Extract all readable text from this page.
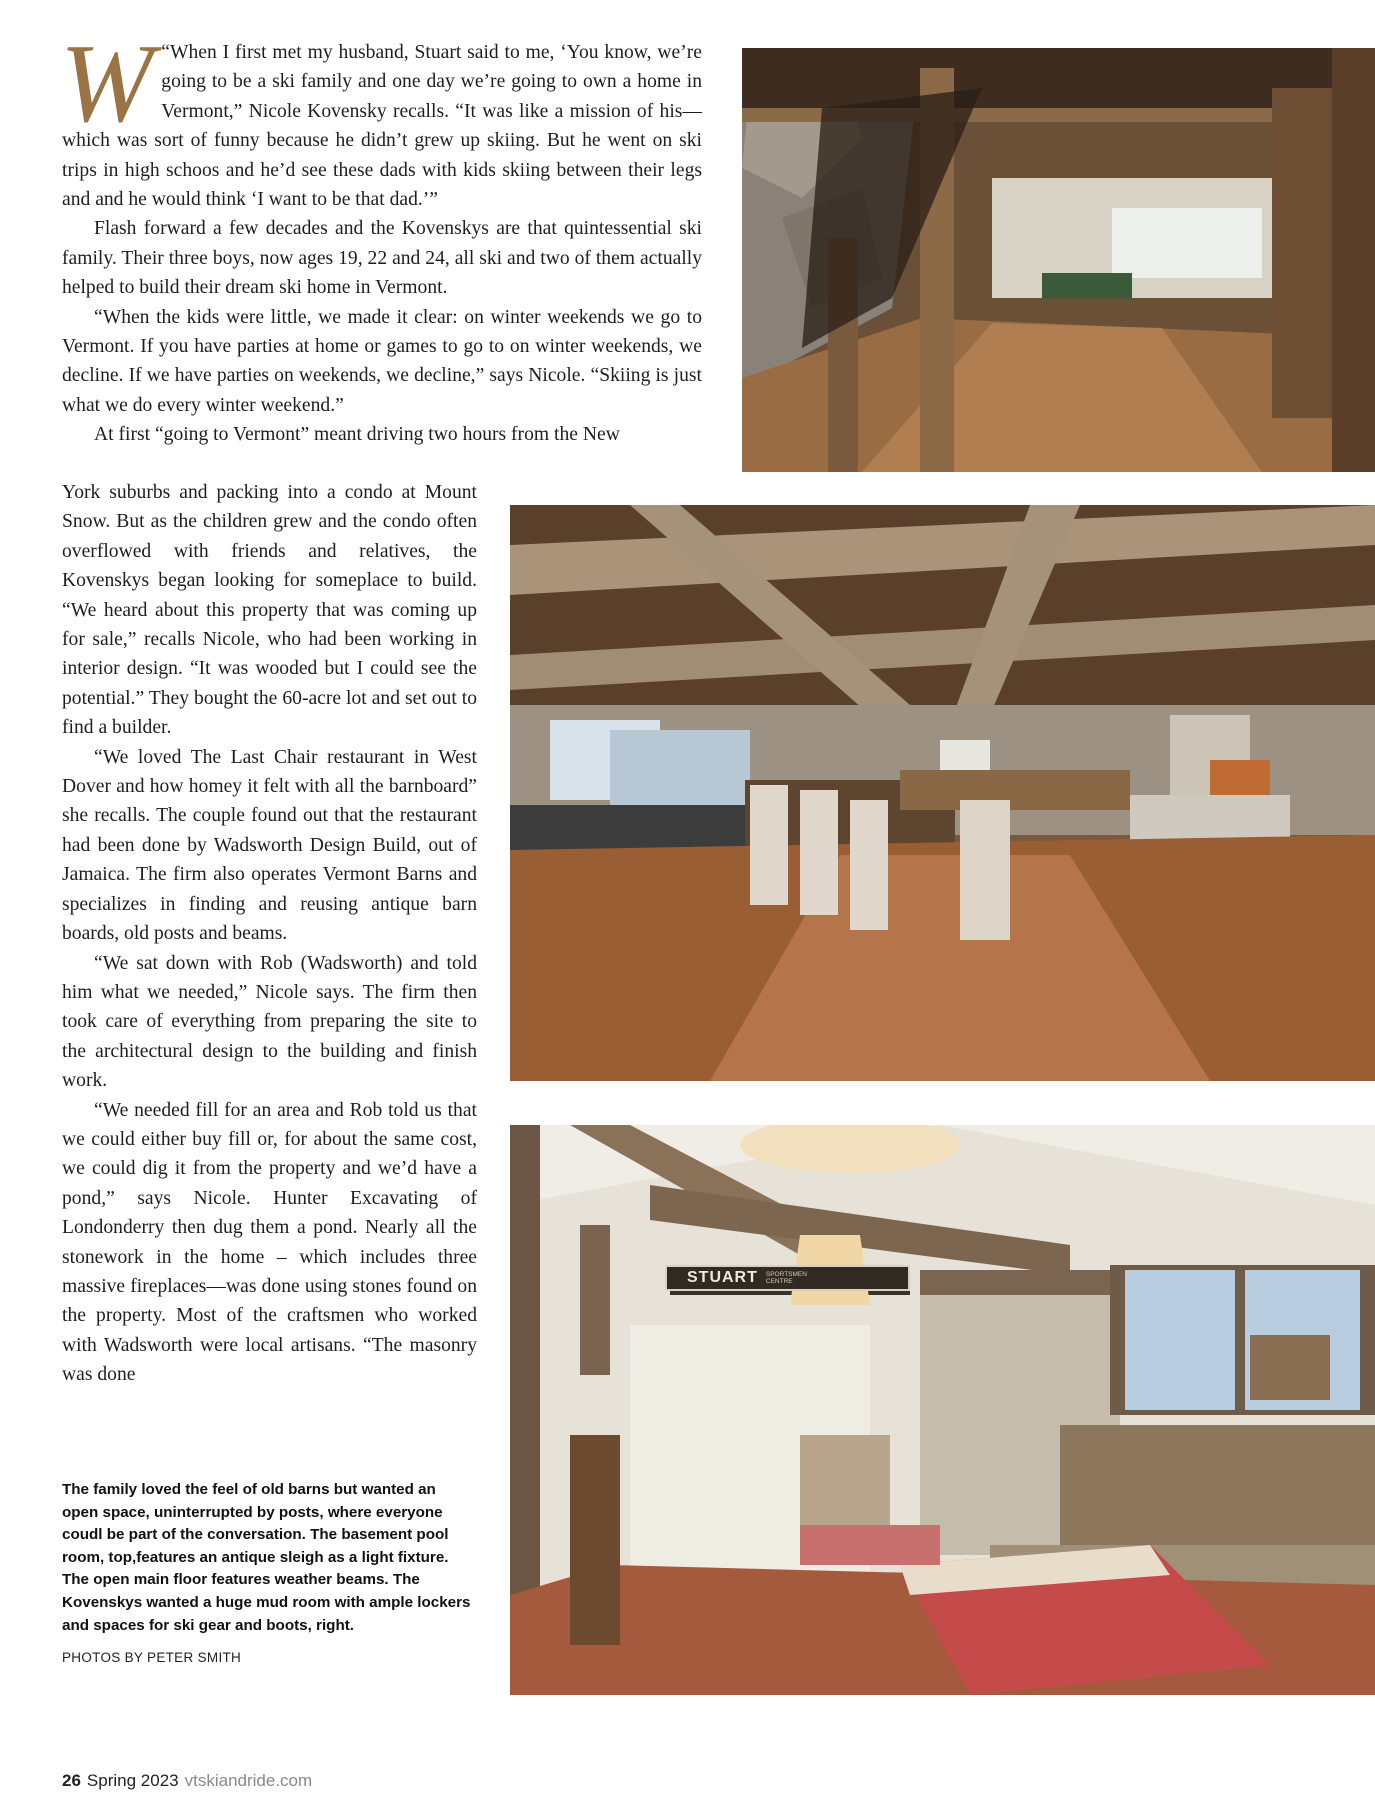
W “When I first met my husband, Stuart said to me, ‘You know, we’re going to be a ski family and one day we’re going to own a home in Vermont,” Nicole Kovensky recalls. “It was like a mission of his—which was sort of funny because he didn’t grew up skiing. But he went on ski trips in high schoos and he’d see these dads with kids skiing between their legs and and he would think ‘I want to be that dad.’”

Flash forward a few decades and the Kovenskys are that quintessential ski family. Their three boys, now ages 19, 22 and 24, all ski and two of them actually helped to build their dream ski home in Vermont.

“When the kids were little, we made it clear: on winter weekends we go to Vermont. If you have parties at home or games to go to on winter weekends, we decline. If we have parties on weekends, we decline,” says Nicole. “Skiing is just what we do every winter weekend.”

At first “going to Vermont” meant driving two hours from the New

York suburbs and packing into a condo at Mount Snow. But as the children grew and the condo often overflowed with friends and relatives, the Kovenskys began looking for someplace to build. “We heard about this property that was coming up for sale,” recalls Nicole, who had been working in interior design. “It was wooded but I could see the potential.” They bought the 60-acre lot and set out to find a builder.

“We loved The Last Chair restaurant in West Dover and how homey it felt with all the barnboard” she recalls. The couple found out that the restaurant had been done by Wadsworth Design Build, out of Jamaica. The firm also operates Vermont Barns and specializes in finding and reusing antique barn boards, old posts and beams.

“We sat down with Rob (Wadsworth) and told him what we needed,” Nicole says. The firm then took care of everything from preparing the site to the architectural design to the building and finish work.

“We needed fill for an area and Rob told us that we could either buy fill or, for about the same cost, we could dig it from the property and we’d have a pond,” says Nicole. Hunter Excavating of Londonderry then dug them a pond. Nearly all the stonework in the home – which includes three massive fireplaces—was done using stones found on the property. Most of the craftsmen who worked with Wadsworth were local artisans. “The masonry was done

STUART SPORTSMEN CENTRE
The family loved the feel of old barns but wanted an open space, uninterrupted by posts, where everyone coudl be part of the conversation. The basement pool room, top,features an antique sleigh as a light fixture. The open main floor features weather beams. The Kovenskys wanted a huge mud room with ample lockers and spaces for ski gear and boots, right.
PHOTOS BY PETER SMITH
26 Spring 2023 vtskiandride.com
